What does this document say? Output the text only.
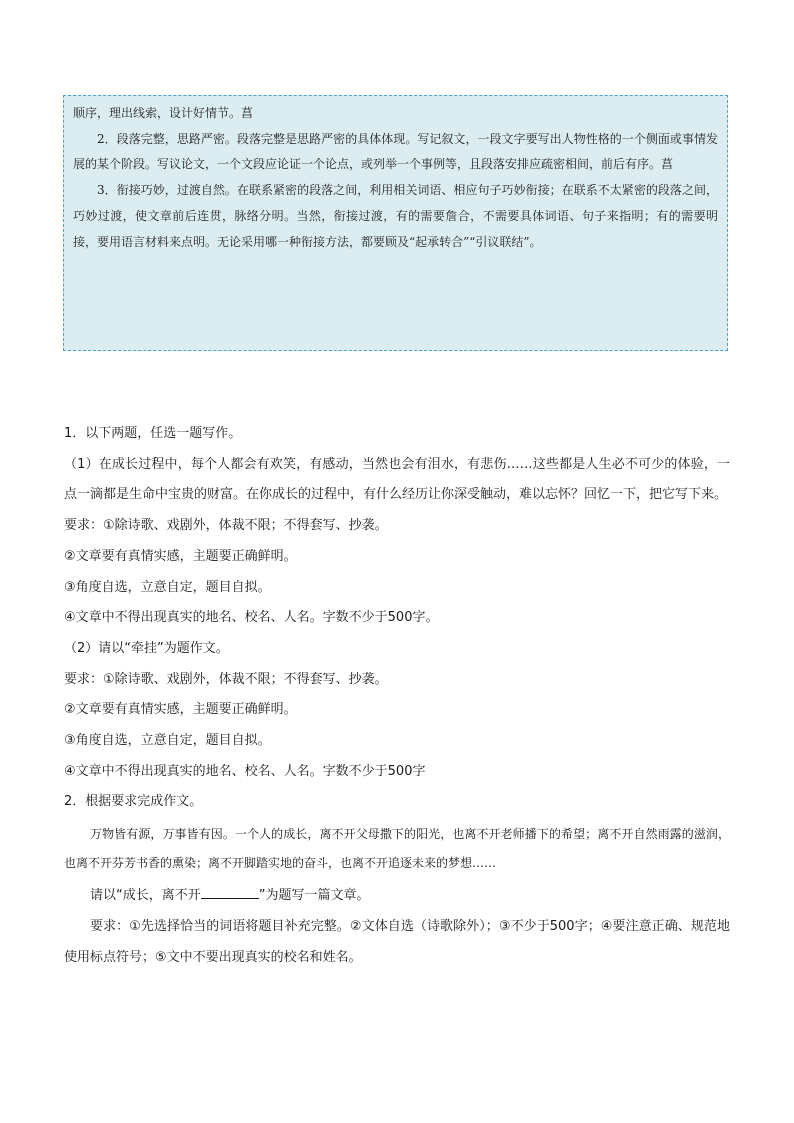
顺序，理出线索，设计好情节。菖

2．段落完整，思路严密。段落完整是思路严密的具体体现。写记叙文，一段文字要写出人物性格的一个侧面或事情发展的某个阶段。写议论文，一个文段应论证一个论点，或列举一个事例等，且段落安排应疏密相间，前后有序。菖

3．衔接巧妙，过渡自然。在联系紧密的段落之间，利用相关词语、相应句子巧妙衔接；在联系不太紧密的段落之间，巧妙过渡，使文章前后连贯，脉络分明。当然，衔接过渡，有的需要詹合，不需要具体词语、句子来指明；有的需要明接，要用语言材料来点明。无论采用哪一种衔接方法，都要顾及“起承转合”“引议联结”。

1．以下两题，任选一题写作。

（1）在成长过程中，每个人都会有欢笑，有感动，当然也会有泪水，有悲伤……这些都是人生必不可少的体验，一点一滴都是生命中宝贵的财富。在你成长的过程中，有什么经历让你深受触动，难以忘怀？回忆一下，把它写下来。

要求：①除诗歌、戏剧外，体裁不限；不得套写、抄袭。

②文章要有真情实感，主题要正确鲜明。

③角度自选，立意自定，题目自拟。

④文章中不得出现真实的地名、校名、人名。字数不少于500字。

（2）请以“牵挂”为题作文。

要求：①除诗歌、戏剧外，体裁不限；不得套写、抄袭。

②文章要有真情实感，主题要正确鲜明。

③角度自选，立意自定，题目自拟。

④文章中不得出现真实的地名、校名、人名。字数不少于500字

2．根据要求完成作文。

万物皆有源，万事皆有因。一个人的成长，离不开父母撒下的阳光，也离不开老师播下的希望；离不开自然雨露的滋润，也离不开芬芳书香的熏染；离不开脚踏实地的奋斗，也离不开追逐未来的梦想……

请以“成长，离不开	”为题写一篇文章。

要求：①先选择恰当的词语将题目补充完整。②文体自选（诗歌除外）；③不少于500字；④要注意正确、规范地使用标点符号；⑤文中不要出现真实的校名和姓名。
